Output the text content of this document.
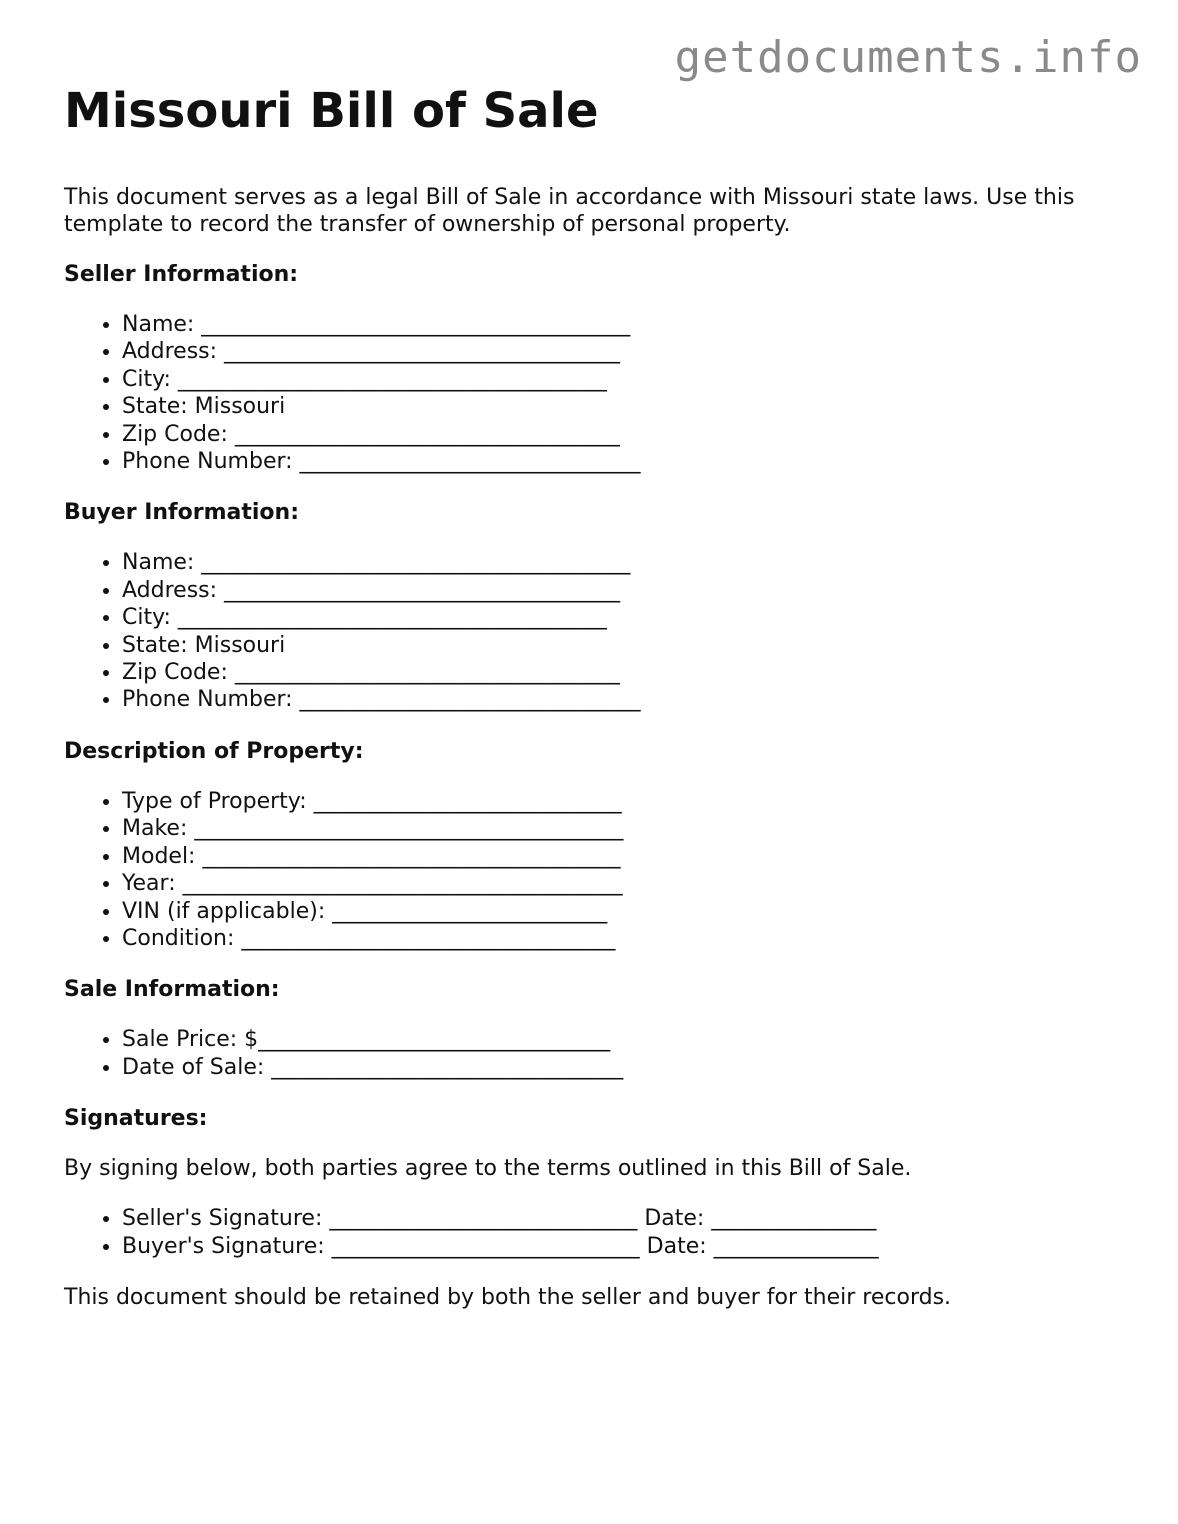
getdocuments.info
Missouri Bill of Sale

This document serves as a legal Bill of Sale in accordance with Missouri state laws. Use this template to record the transfer of ownership of personal property.

Seller Information:
• Name: _______________________________________
• Address: ____________________________________
• City: _______________________________________
• State: Missouri
• Zip Code: ___________________________________
• Phone Number: _______________________________
Buyer Information:
• Name: _______________________________________
• Address: ____________________________________
• City: _______________________________________
• State: Missouri
• Zip Code: ___________________________________
• Phone Number: _______________________________
Description of Property:
• Type of Property: ____________________________
• Make: _______________________________________
• Model: ______________________________________
• Year: ________________________________________
• VIN (if applicable): _________________________
• Condition: __________________________________
Sale Information:
• Sale Price: $________________________________
• Date of Sale: ________________________________
Signatures:

By signing below, both parties agree to the terms outlined in this Bill of Sale.

• Seller's Signature: ____________________________ Date: _______________
• Buyer's Signature: ____________________________ Date: _______________

This document should be retained by both the seller and buyer for their records.
